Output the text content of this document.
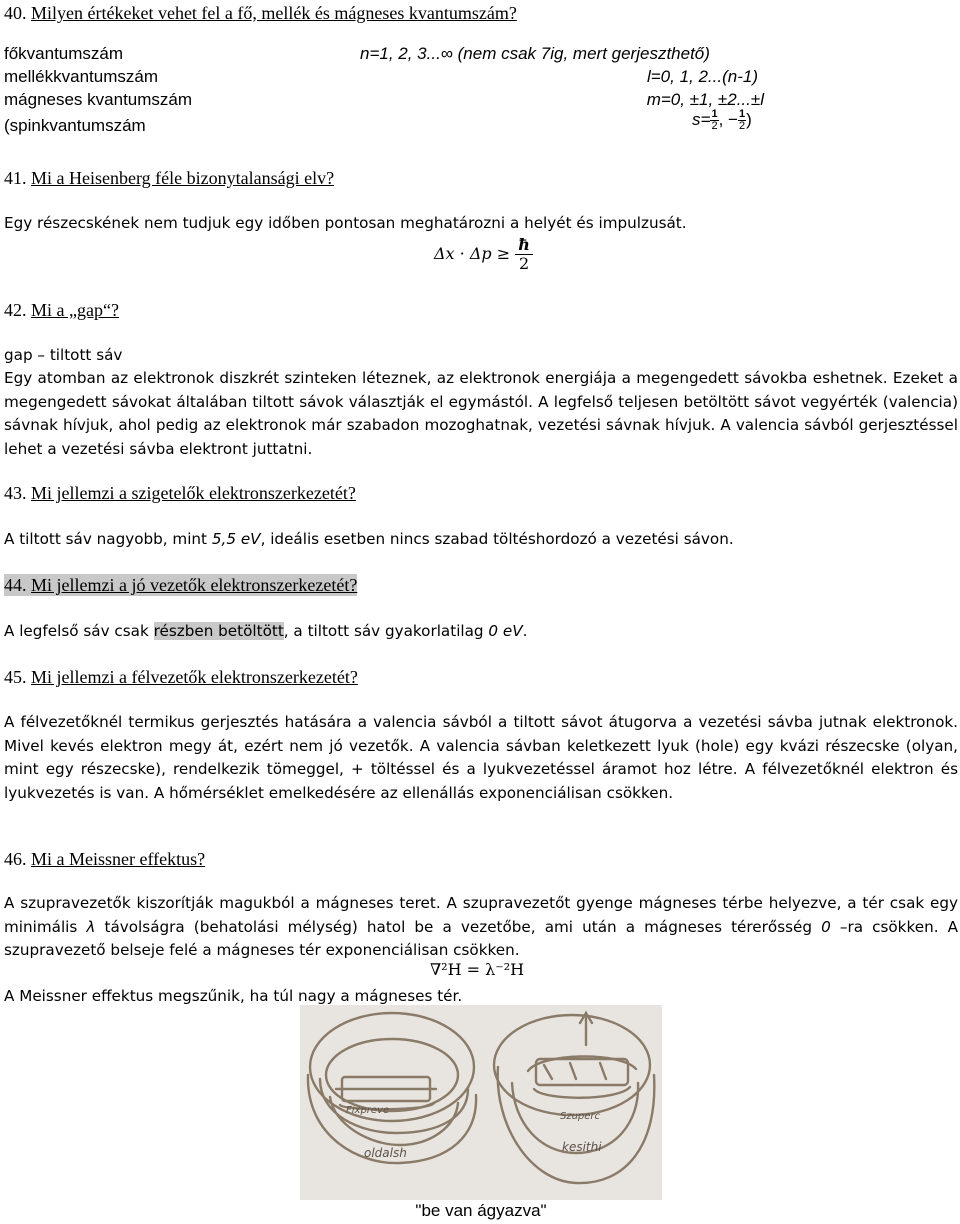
40. Milyen értékeket vehet fel a fő, mellék és mágneses kvantumszám?
főkvantumszám	n=1, 2, 3...∞ (nem csak 7ig, mert gerjeszthető)
mellékkvantumszám	l=0, 1, 2...(n-1)
mágneses kvantumszám	m=0, ±1, ±2...±l
(spinkvantumszám	$s= \frac{1}{2}$ , − $\frac{1}{2}$ )
41. Mi a Heisenberg féle bizonytalansági elv?
Egy részecskének nem tudjuk egy időben pontosan meghatározni a helyét és impulzusát.
$\Delta x \cdot \Delta p \ge \frac{ħ}{2}$
42. Mi a „gap“?
gap – tiltott sáv
Egy atomban az elektronok diszkrét szinteken léteznek, az elektronok energiája a megengedett sávokba eshetnek. Ezeket a megengedett sávokat általában tiltott sávok választják el egymástól. A legfelső teljesen betöltött sávot vegyérték (valencia) sávnak hívjuk, ahol pedig az elektronok már szabadon mozoghatnak, vezetési sávnak hívjuk. A valencia sávból gerjesztéssel lehet a vezetési sávba elektront juttatni.
43. Mi jellemzi a szigetelők elektronszerkezetét?
A tiltott sáv nagyobb, mint 5,5 eV, ideális esetben nincs szabad töltéshordozó a vezetési sávon.
44. Mi jellemzi a jó vezetők elektronszerkezetét?
A legfelső sáv csak részben betöltött, a tiltott sáv gyakorlatilag 0 eV.
45. Mi jellemzi a félvezetők elektronszerkezetét?
A félvezetőknél termikus gerjesztés hatására a valencia sávból a tiltott sávot átugorva a vezetési sávba jutnak elektronok. Mivel kevés elektron megy át, ezért nem jó vezetők. A valencia sávban keletkezett lyuk (hole) egy kvázi részecske (olyan, mint egy részecske), rendelkezik tömeggel, + töltéssel és a lyukvezetéssel áramot hoz létre. A félvezetőknél elektron és lyukvezetés is van. A hőmérséklet emelkedésére az ellenállás exponenciálisan csökken.
46. Mi a Meissner effektus?
A szupravezetők kiszorítják magukból a mágneses teret. A szupravezetőt gyenge mágneses térbe helyezve, a tér csak egy minimális λ távolságra (behatolási mélység) hatol be a vezetőbe, ami után a mágneses térerősség 0 –ra csökken. A szupravezető belseje felé a mágneses tér exponenciálisan csökken.
∇²H = λ⁻²H
A Meissner effektus megszűnik, ha túl nagy a mágneses tér.
Fixpreve
oldalsh
Szuperc
kesithi
"be van ágyazva"
